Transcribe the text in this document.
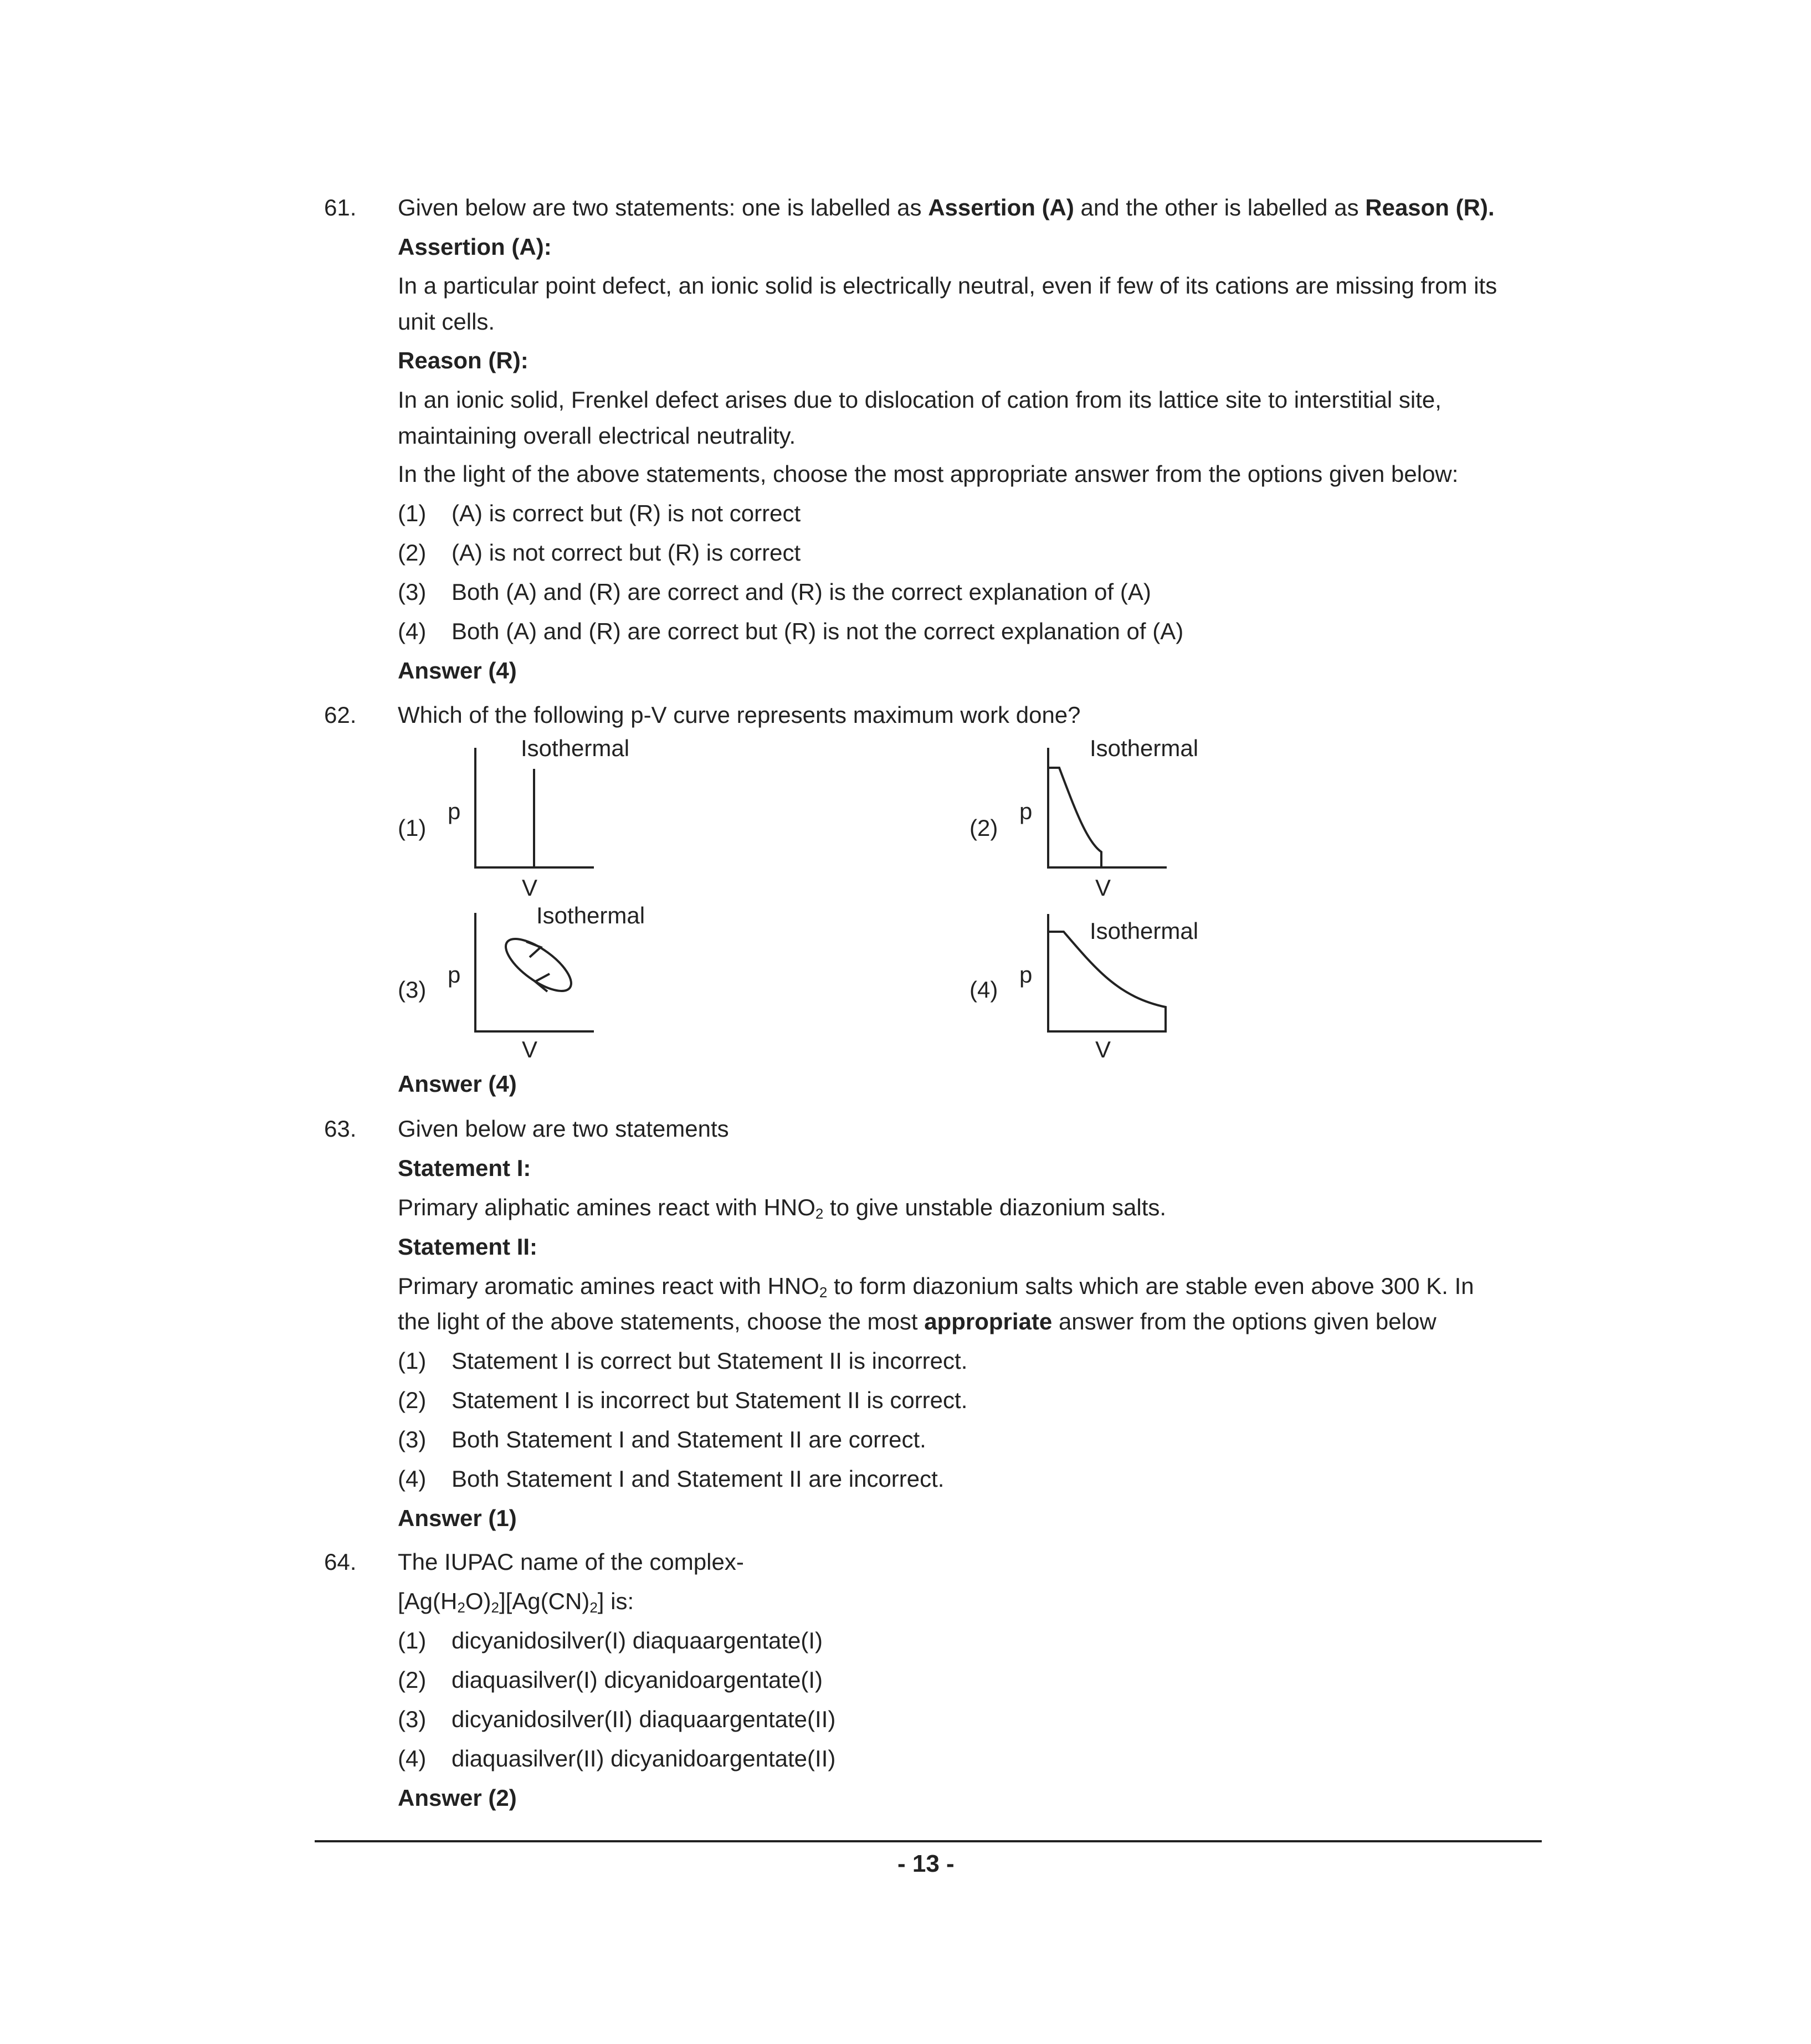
61. Given below are two statements: one is labelled as Assertion (A) and the other is labelled as Reason (R).
Assertion (A):
In a particular point defect, an ionic solid is electrically neutral, even if few of its cations are missing from its
unit cells.
Reason (R):
In an ionic solid, Frenkel defect arises due to dislocation of cation from its lattice site to interstitial site,
maintaining overall electrical neutrality.
In the light of the above statements, choose the most appropriate answer from the options given below:
(1) (A) is correct but (R) is not correct
(2) (A) is not correct but (R) is correct
(3) Both (A) and (R) are correct and (R) is the correct explanation of (A)
(4) Both (A) and (R) are correct but (R) is not the correct explanation of (A)
Answer (4)
62. Which of the following p-V curve represents maximum work done?
(1)
p
V
Isothermal
(2)
p
V
Isothermal
(3)
p
V
Isothermal
(4)
p
V
Isothermal
Answer (4)
63. Given below are two statements
Statement I:
Primary aliphatic amines react with $HNO_2$ to give unstable diazonium salts.
Statement II:
Primary aromatic amines react with $HNO_2$ to form diazonium salts which are stable even above 300 K. In
the light of the above statements, choose the most appropriate answer from the options given below
(1) Statement I is correct but Statement II is incorrect.
(2) Statement I is incorrect but Statement II is correct.
(3) Both Statement I and Statement II are correct.
(4) Both Statement I and Statement II are incorrect.
Answer (1)
64. The IUPAC name of the complex-
$[Ag(H_2O)_2][Ag(CN)_2]$ is:
(1) dicyanidosilver(I) diaquaargentate(I)
(2) diaquasilver(I) dicyanidoargentate(I)
(3) dicyanidosilver(II) diaquaargentate(II)
(4) diaquasilver(II) dicyanidoargentate(II)
Answer (2)
- 13 -
